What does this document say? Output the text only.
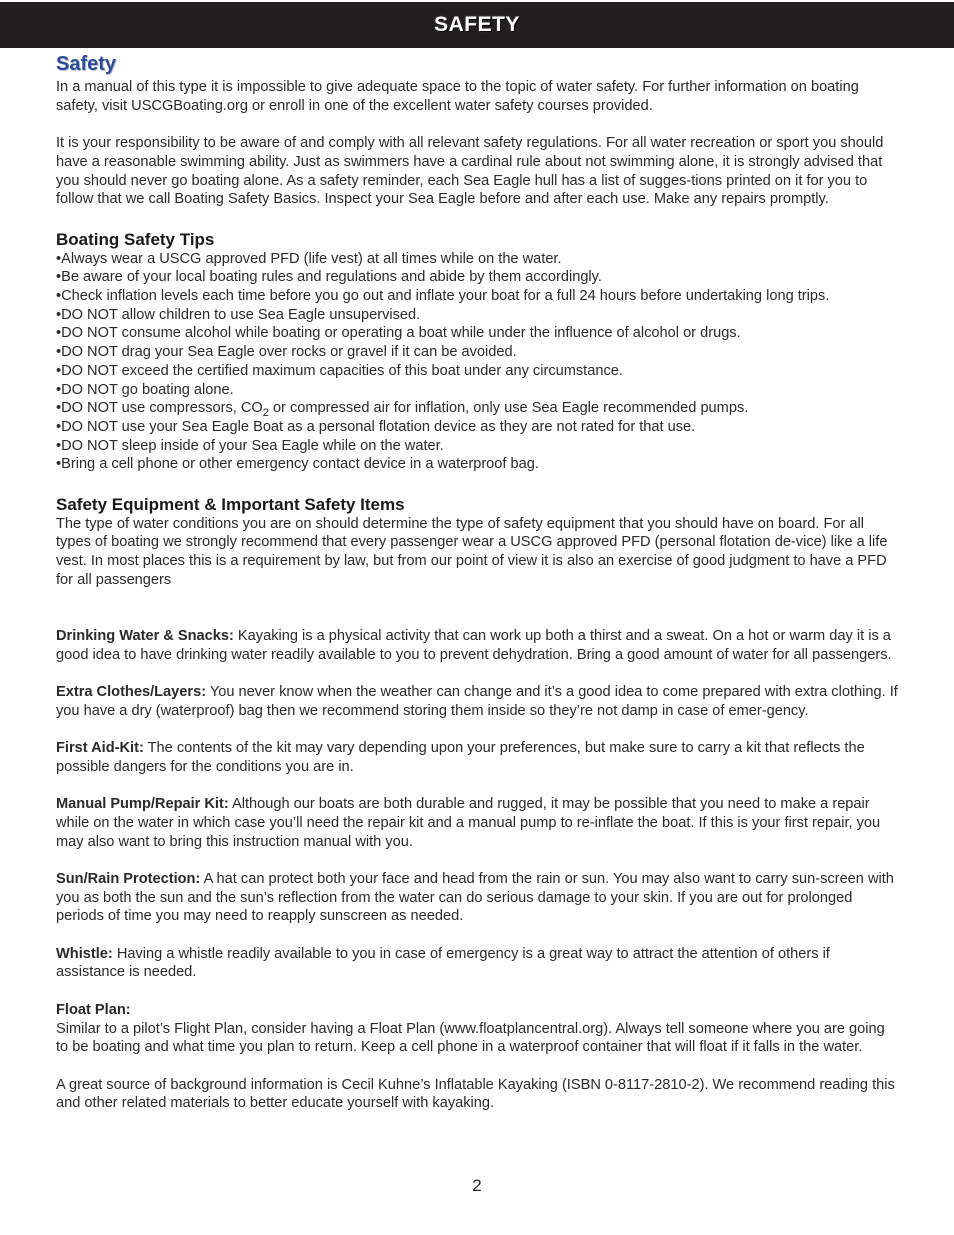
SAFETY
Safety

In a manual of this type it is impossible to give adequate space to the topic of water safety. For further information on boating safety, visit USCGBoating.org or enroll in one of the excellent water safety courses provided.

It is your responsibility to be aware of and comply with all relevant safety regulations. For all water recreation or sport you should have a reasonable swimming ability. Just as swimmers have a cardinal rule about not swimming alone, it is strongly advised that you should never go boating alone. As a safety reminder, each Sea Eagle hull has a list of sugges-tions printed on it for you to follow that we call Boating Safety Basics. Inspect your Sea Eagle before and after each use. Make any repairs promptly.

Boating Safety Tips
• Always wear a USCG approved PFD (life vest) at all times while on the water.
• Be aware of your local boating rules and regulations and abide by them accordingly.
• Check inflation levels each time before you go out and inflate your boat for a full 24 hours before undertaking long trips.
• DO NOT allow children to use Sea Eagle unsupervised.
• DO NOT consume alcohol while boating or operating a boat while under the influence of alcohol or drugs.
• DO NOT drag your Sea Eagle over rocks or gravel if it can be avoided.
• DO NOT exceed the certified maximum capacities of this boat under any circumstance.
• DO NOT go boating alone.
• DO NOT use compressors, $CO_2$ or compressed air for inflation, only use Sea Eagle recommended pumps.
• DO NOT use your Sea Eagle Boat as a personal flotation device as they are not rated for that use.
• DO NOT sleep inside of your Sea Eagle while on the water.
• Bring a cell phone or other emergency contact device in a waterproof bag.
Safety Equipment & Important Safety Items

The type of water conditions you are on should determine the type of safety equipment that you should have on board. For all types of boating we strongly recommend that every passenger wear a USCG approved PFD (personal flotation de-vice) like a life vest. In most places this is a requirement by law, but from our point of view it is also an exercise of good judgment to have a PFD for all passengers

Drinking Water & Snacks: Kayaking is a physical activity that can work up both a thirst and a sweat. On a hot or warm day it is a good idea to have drinking water readily available to you to prevent dehydration. Bring a good amount of water for all passengers.

Extra Clothes/Layers: You never know when the weather can change and it’s a good idea to come prepared with extra clothing. If you have a dry (waterproof) bag then we recommend storing them inside so they’re not damp in case of emer-gency.

First Aid-Kit: The contents of the kit may vary depending upon your preferences, but make sure to carry a kit that reflects the possible dangers for the conditions you are in.

Manual Pump/Repair Kit: Although our boats are both durable and rugged, it may be possible that you need to make a repair while on the water in which case you’ll need the repair kit and a manual pump to re-inflate the boat. If this is your first repair, you may also want to bring this instruction manual with you.

Sun/Rain Protection: A hat can protect both your face and head from the rain or sun. You may also want to carry sun-screen with you as both the sun and the sun’s reflection from the water can do serious damage to your skin. If you are out for prolonged periods of time you may need to reapply sunscreen as needed.

Whistle: Having a whistle readily available to you in case of emergency is a great way to attract the attention of others if assistance is needed.

Float Plan:

Similar to a pilot’s Flight Plan, consider having a Float Plan (www.floatplancentral.org). Always tell someone where you are going to be boating and what time you plan to return. Keep a cell phone in a waterproof container that will float if it falls in the water.

A great source of background information is Cecil Kuhne’s Inflatable Kayaking (ISBN 0-8117-2810-2). We recommend reading this and other related materials to better educate yourself with kayaking.

2
